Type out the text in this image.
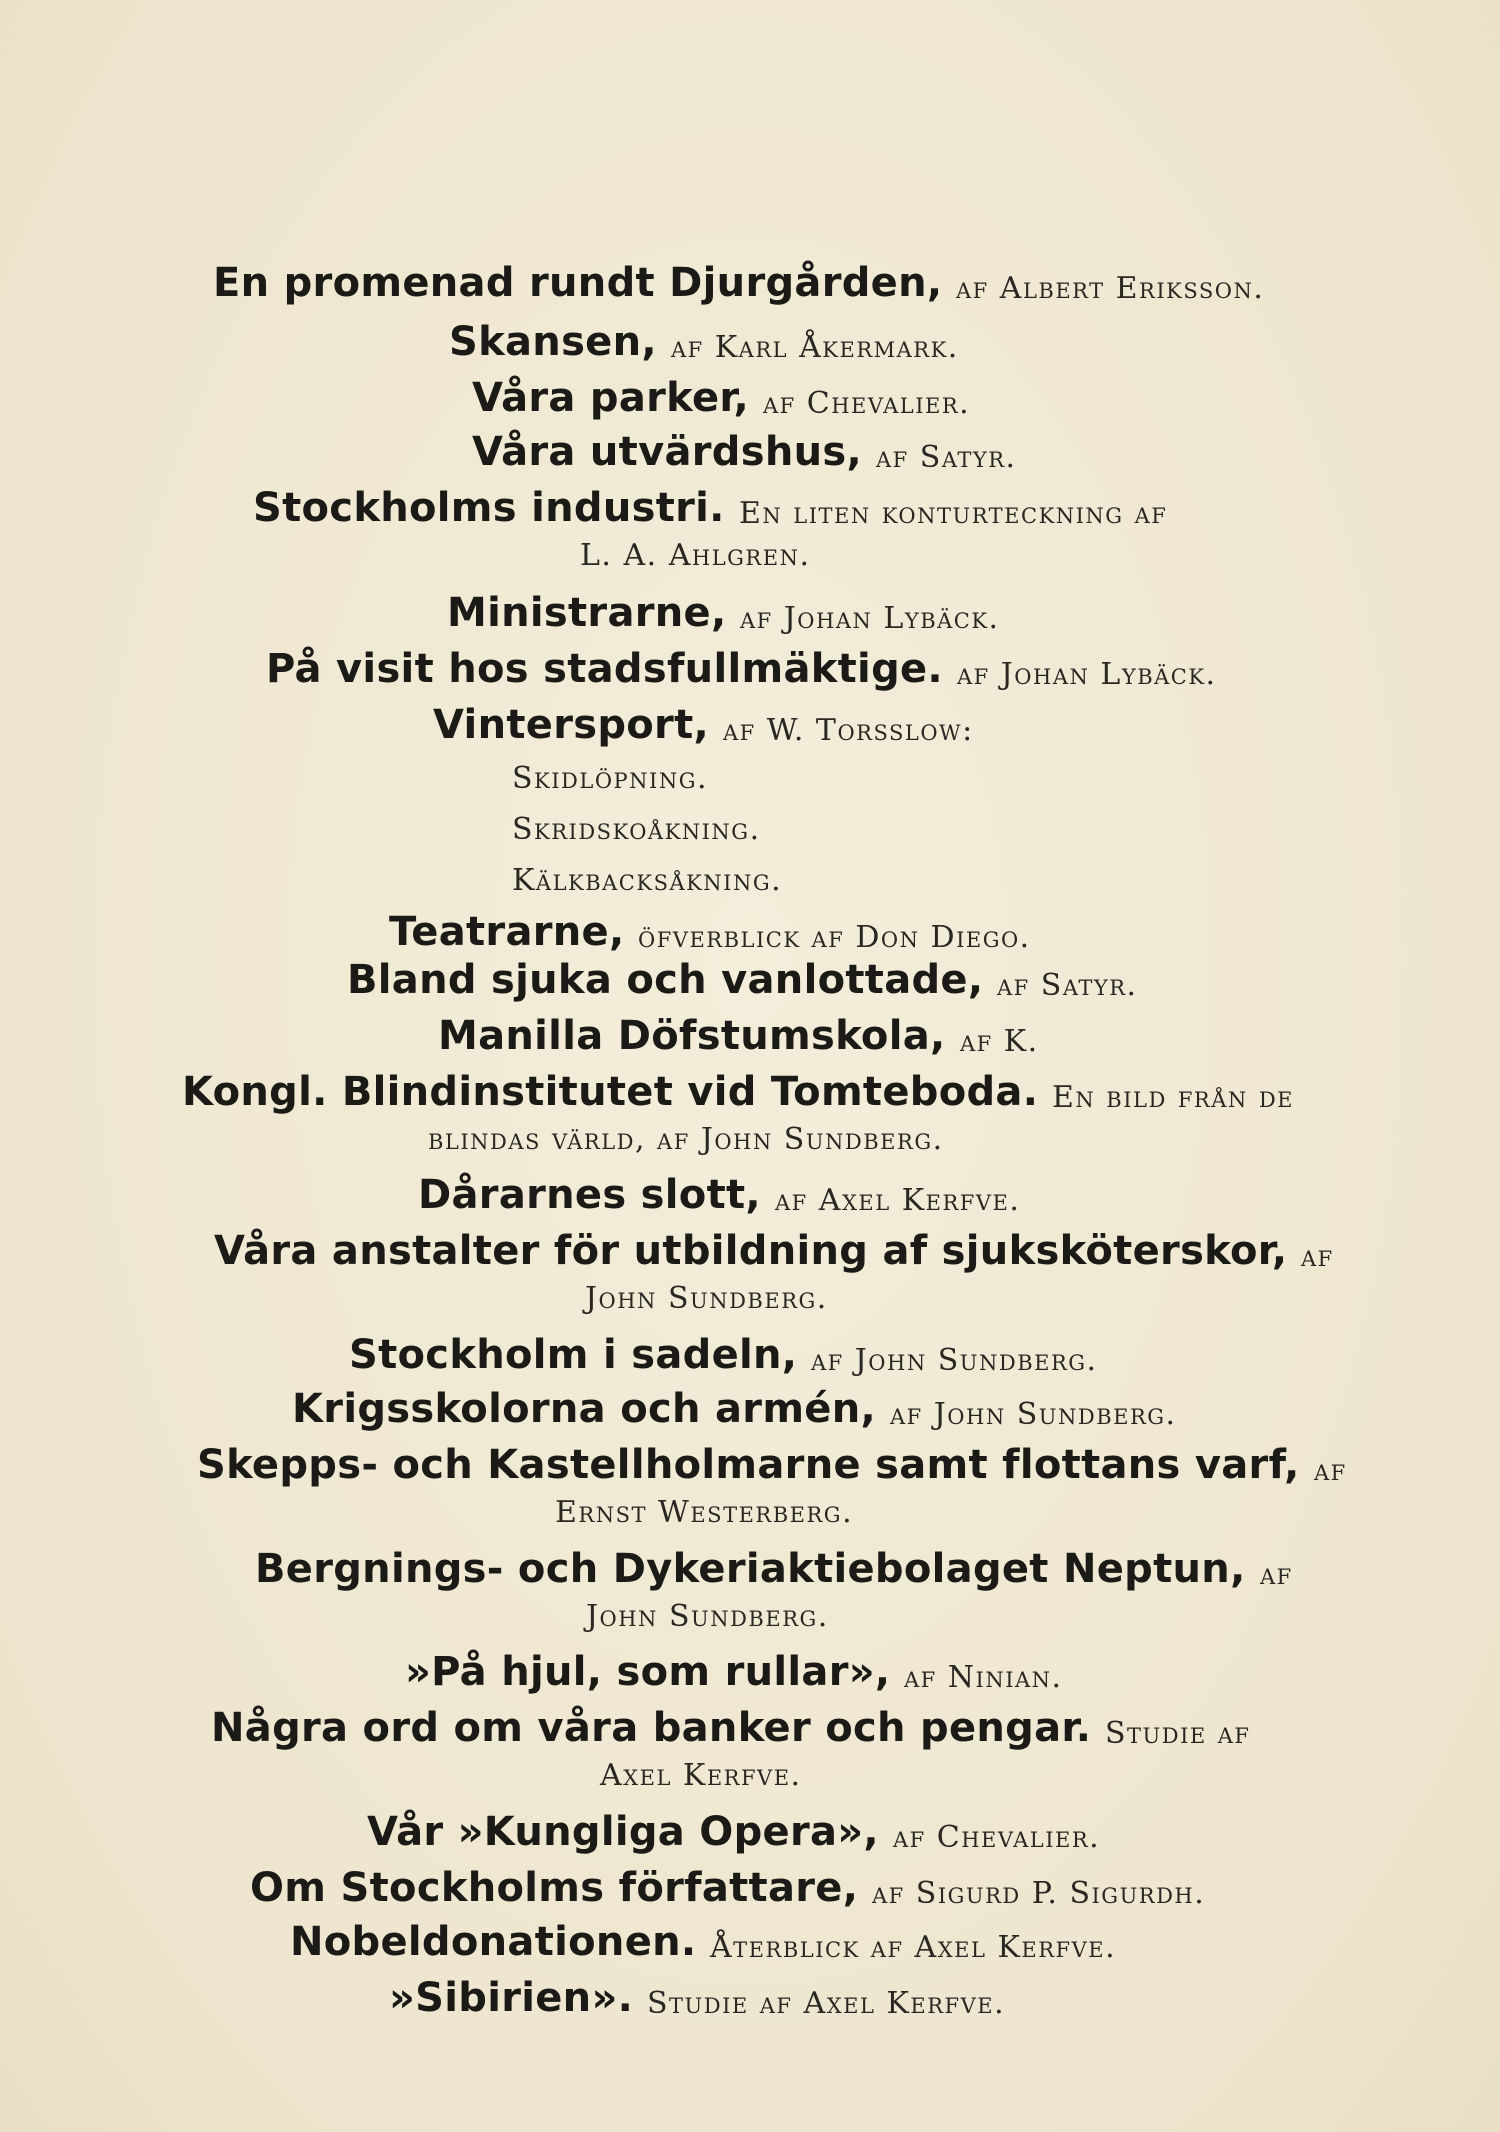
En promenad rundt Djurgården, af Albert Eriksson.
Skansen, af Karl Åkermark.
Våra parker, af Chevalier.
Våra utvärdshus, af Satyr.
Stockholms industri. En liten konturteckning af
L. A. Ahlgren.
Ministrarne, af Johan Lybäck.
På visit hos stadsfullmäktige. af Johan Lybäck.
Vintersport, af W. Torsslow:
Skidlöpning.
Skridskoåkning.
Kälkbacksåkning.
Teatrarne, öfverblick af Don Diego.
Bland sjuka och vanlottade, af Satyr.
Manilla Döfstumskola, af K.
Kongl. Blindinstitutet vid Tomteboda. En bild från de
blindas värld, af John Sundberg.
Dårarnes slott, af Axel Kerfve.
Våra anstalter för utbildning af sjuksköterskor, af
John Sundberg.
Stockholm i sadeln, af John Sundberg.
Krigsskolorna och armén, af John Sundberg.
Skepps- och Kastellholmarne samt flottans varf, af
Ernst Westerberg.
Bergnings- och Dykeriaktiebolaget Neptun, af
John Sundberg.
»På hjul, som rullar», af Ninian.
Några ord om våra banker och pengar. Studie af
Axel Kerfve.
Vår »Kungliga Opera», af Chevalier.
Om Stockholms författare, af Sigurd P. Sigurdh.
Nobeldonationen. Återblick af Axel Kerfve.
»Sibirien». Studie af Axel Kerfve.
